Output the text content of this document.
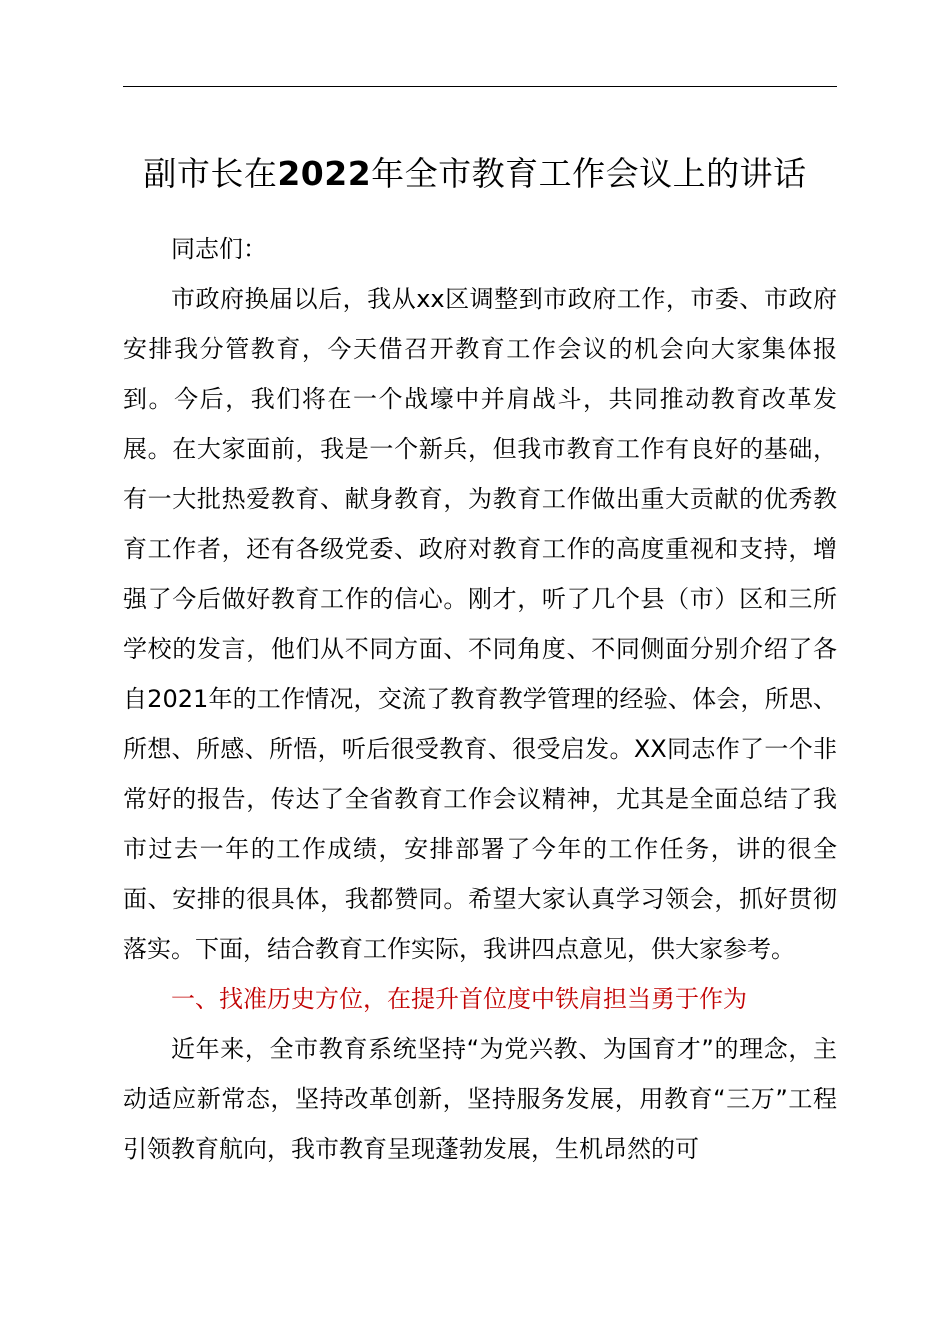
副市长在2022年全市教育工作会议上的讲话

同志们：

市政府换届以后，我从xx区调整到市政府工作，市委、市政府安排我分管教育，今天借召开教育工作会议的机会向大家集体报到。今后，我们将在一个战壕中并肩战斗，共同推动教育改革发展。在大家面前，我是一个新兵，但我市教育工作有良好的基础，有一大批热爱教育、献身教育，为教育工作做出重大贡献的优秀教育工作者，还有各级党委、政府对教育工作的高度重视和支持，增强了今后做好教育工作的信心。刚才，听了几个县（市）区和三所学校的发言，他们从不同方面、不同角度、不同侧面分别介绍了各自2021年的工作情况，交流了教育教学管理的经验、体会，所思、所想、所感、所悟，听后很受教育、很受启发。XX同志作了一个非常好的报告，传达了全省教育工作会议精神，尤其是全面总结了我市过去一年的工作成绩，安排部署了今年的工作任务，讲的很全面、安排的很具体，我都赞同。希望大家认真学习领会，抓好贯彻落实。下面，结合教育工作实际，我讲四点意见，供大家参考。

一、找准历史方位，在提升首位度中铁肩担当勇于作为

近年来，全市教育系统坚持“为党兴教、为国育才”的理念，主动适应新常态，坚持改革创新，坚持服务发展，用教育“三万”工程引领教育航向，我市教育呈现蓬勃发展，生机昂然的可
